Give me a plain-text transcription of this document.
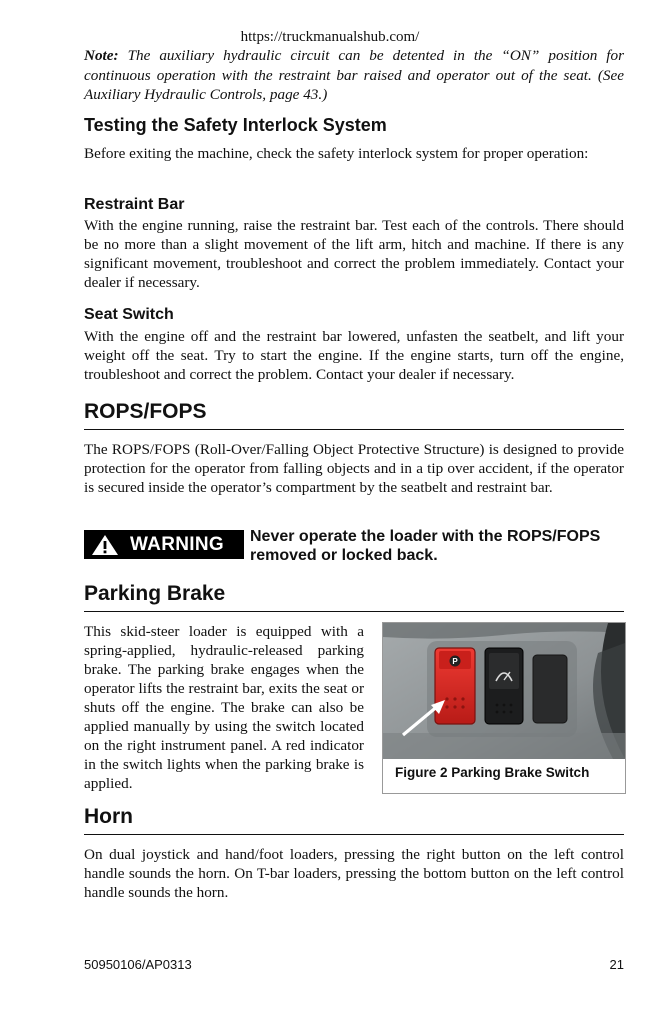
https://truckmanualshub.com/
Note: The auxiliary hydraulic circuit can be detented in the “ON” position for continuous operation with the restraint bar raised and operator out of the seat. (See Auxiliary Hydraulic Controls, page 43.)
Testing the Safety Interlock System
Before exiting the machine, check the safety interlock system for proper operation:
Restraint Bar
With the engine running, raise the restraint bar. Test each of the controls. There should be no more than a slight movement of the lift arm, hitch and machine. If there is any significant movement, troubleshoot and correct the problem immediately. Contact your dealer if necessary.
Seat Switch
With the engine off and the restraint bar lowered, unfasten the seatbelt, and lift your weight off the seat. Try to start the engine. If the engine starts, turn off the engine, troubleshoot and correct the problem. Contact your dealer if necessary.
ROPS/FOPS
The ROPS/FOPS (Roll-Over/Falling Object Protective Structure) is designed to provide protection for the operator from falling objects and in a tip over accident, if the operator is secured inside the operator’s compartment by the seatbelt and restraint bar.
WARNING Never operate the loader with the ROPS/FOPS removed or locked back.
Parking Brake
This skid-steer loader is equipped with a spring-applied, hydraulic-released parking brake. The parking brake engages when the operator lifts the restraint bar, exits the seat or shuts off the engine. The brake can also be applied manually by using the switch located on the right instrument panel. A red indicator in the switch lights when the parking brake is applied.
P
Figure 2 Parking Brake Switch
Horn
On dual joystick and hand/foot loaders, pressing the right button on the left control handle sounds the horn. On T-bar loaders, pressing the bottom button on the left control handle sounds the horn.
50950106/AP0313	21
